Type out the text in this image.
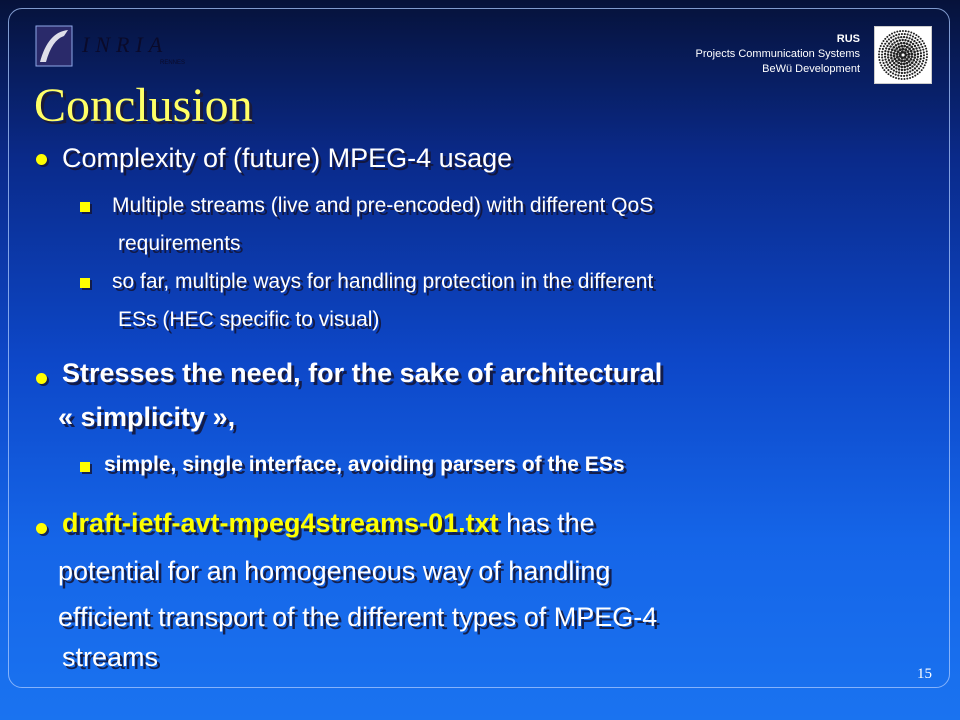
INRIA
RENNES
RUS
Projects Communication Systems
BeWü Development
Conclusion
Complexity of (future) MPEG-4 usage
Multiple streams (live and pre-encoded) with different QoS
requirements
so far, multiple ways for handling protection in the different
ESs (HEC specific to visual)
Stresses the need, for the sake of architectural
« simplicity »,
simple, single interface, avoiding parsers of the ESs
draft-ietf-avt-mpeg4streams-01.txt has the
potential for an homogeneous way of handling
efficient transport of the different types of MPEG-4
streams
15
